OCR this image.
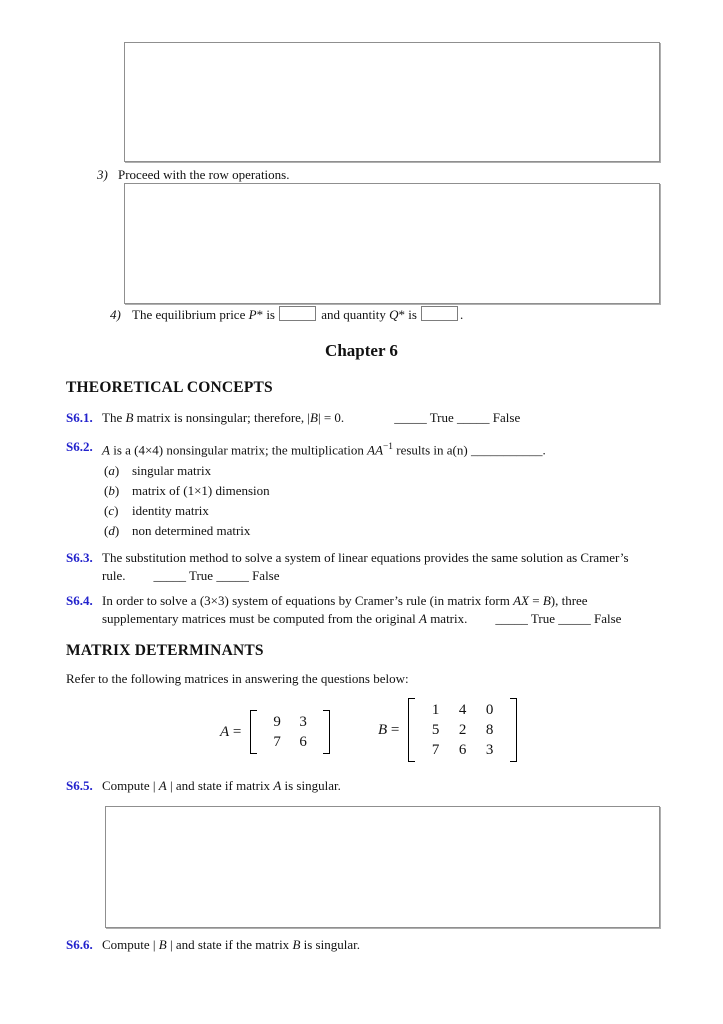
3) Proceed with the row operations.
4) The equilibrium price P* is	and quantity Q* is	.
Chapter 6
THEORETICAL CONCEPTS
S6.1. The B matrix is nonsingular; therefore, |B| = 0.	_____ True _____ False
S6.2. A is a (4×4) nonsingular matrix; the multiplication $AA^{-1}$ results in a(n) ___________.
(a) singular matrix
(b) matrix of (1×1) dimension
(c) identity matrix
(d) non determined matrix
S6.3. The substitution method to solve a system of linear equations provides the same solution as Cramer’s
rule. _____ True _____ False
S6.4. In order to solve a (3×3) system of equations by Cramer’s rule (in matrix form AX = B), three
supplementary matrices must be computed from the original A matrix. _____ True _____ False
MATRIX DETERMINANTS
Refer to the following matrices in answering the questions below:
A =
9	3
7	6
B =
1	4	0
5	2	8
7	6	3
S6.5. Compute | A | and state if matrix A is singular.
S6.6. Compute | B | and state if the matrix B is singular.
